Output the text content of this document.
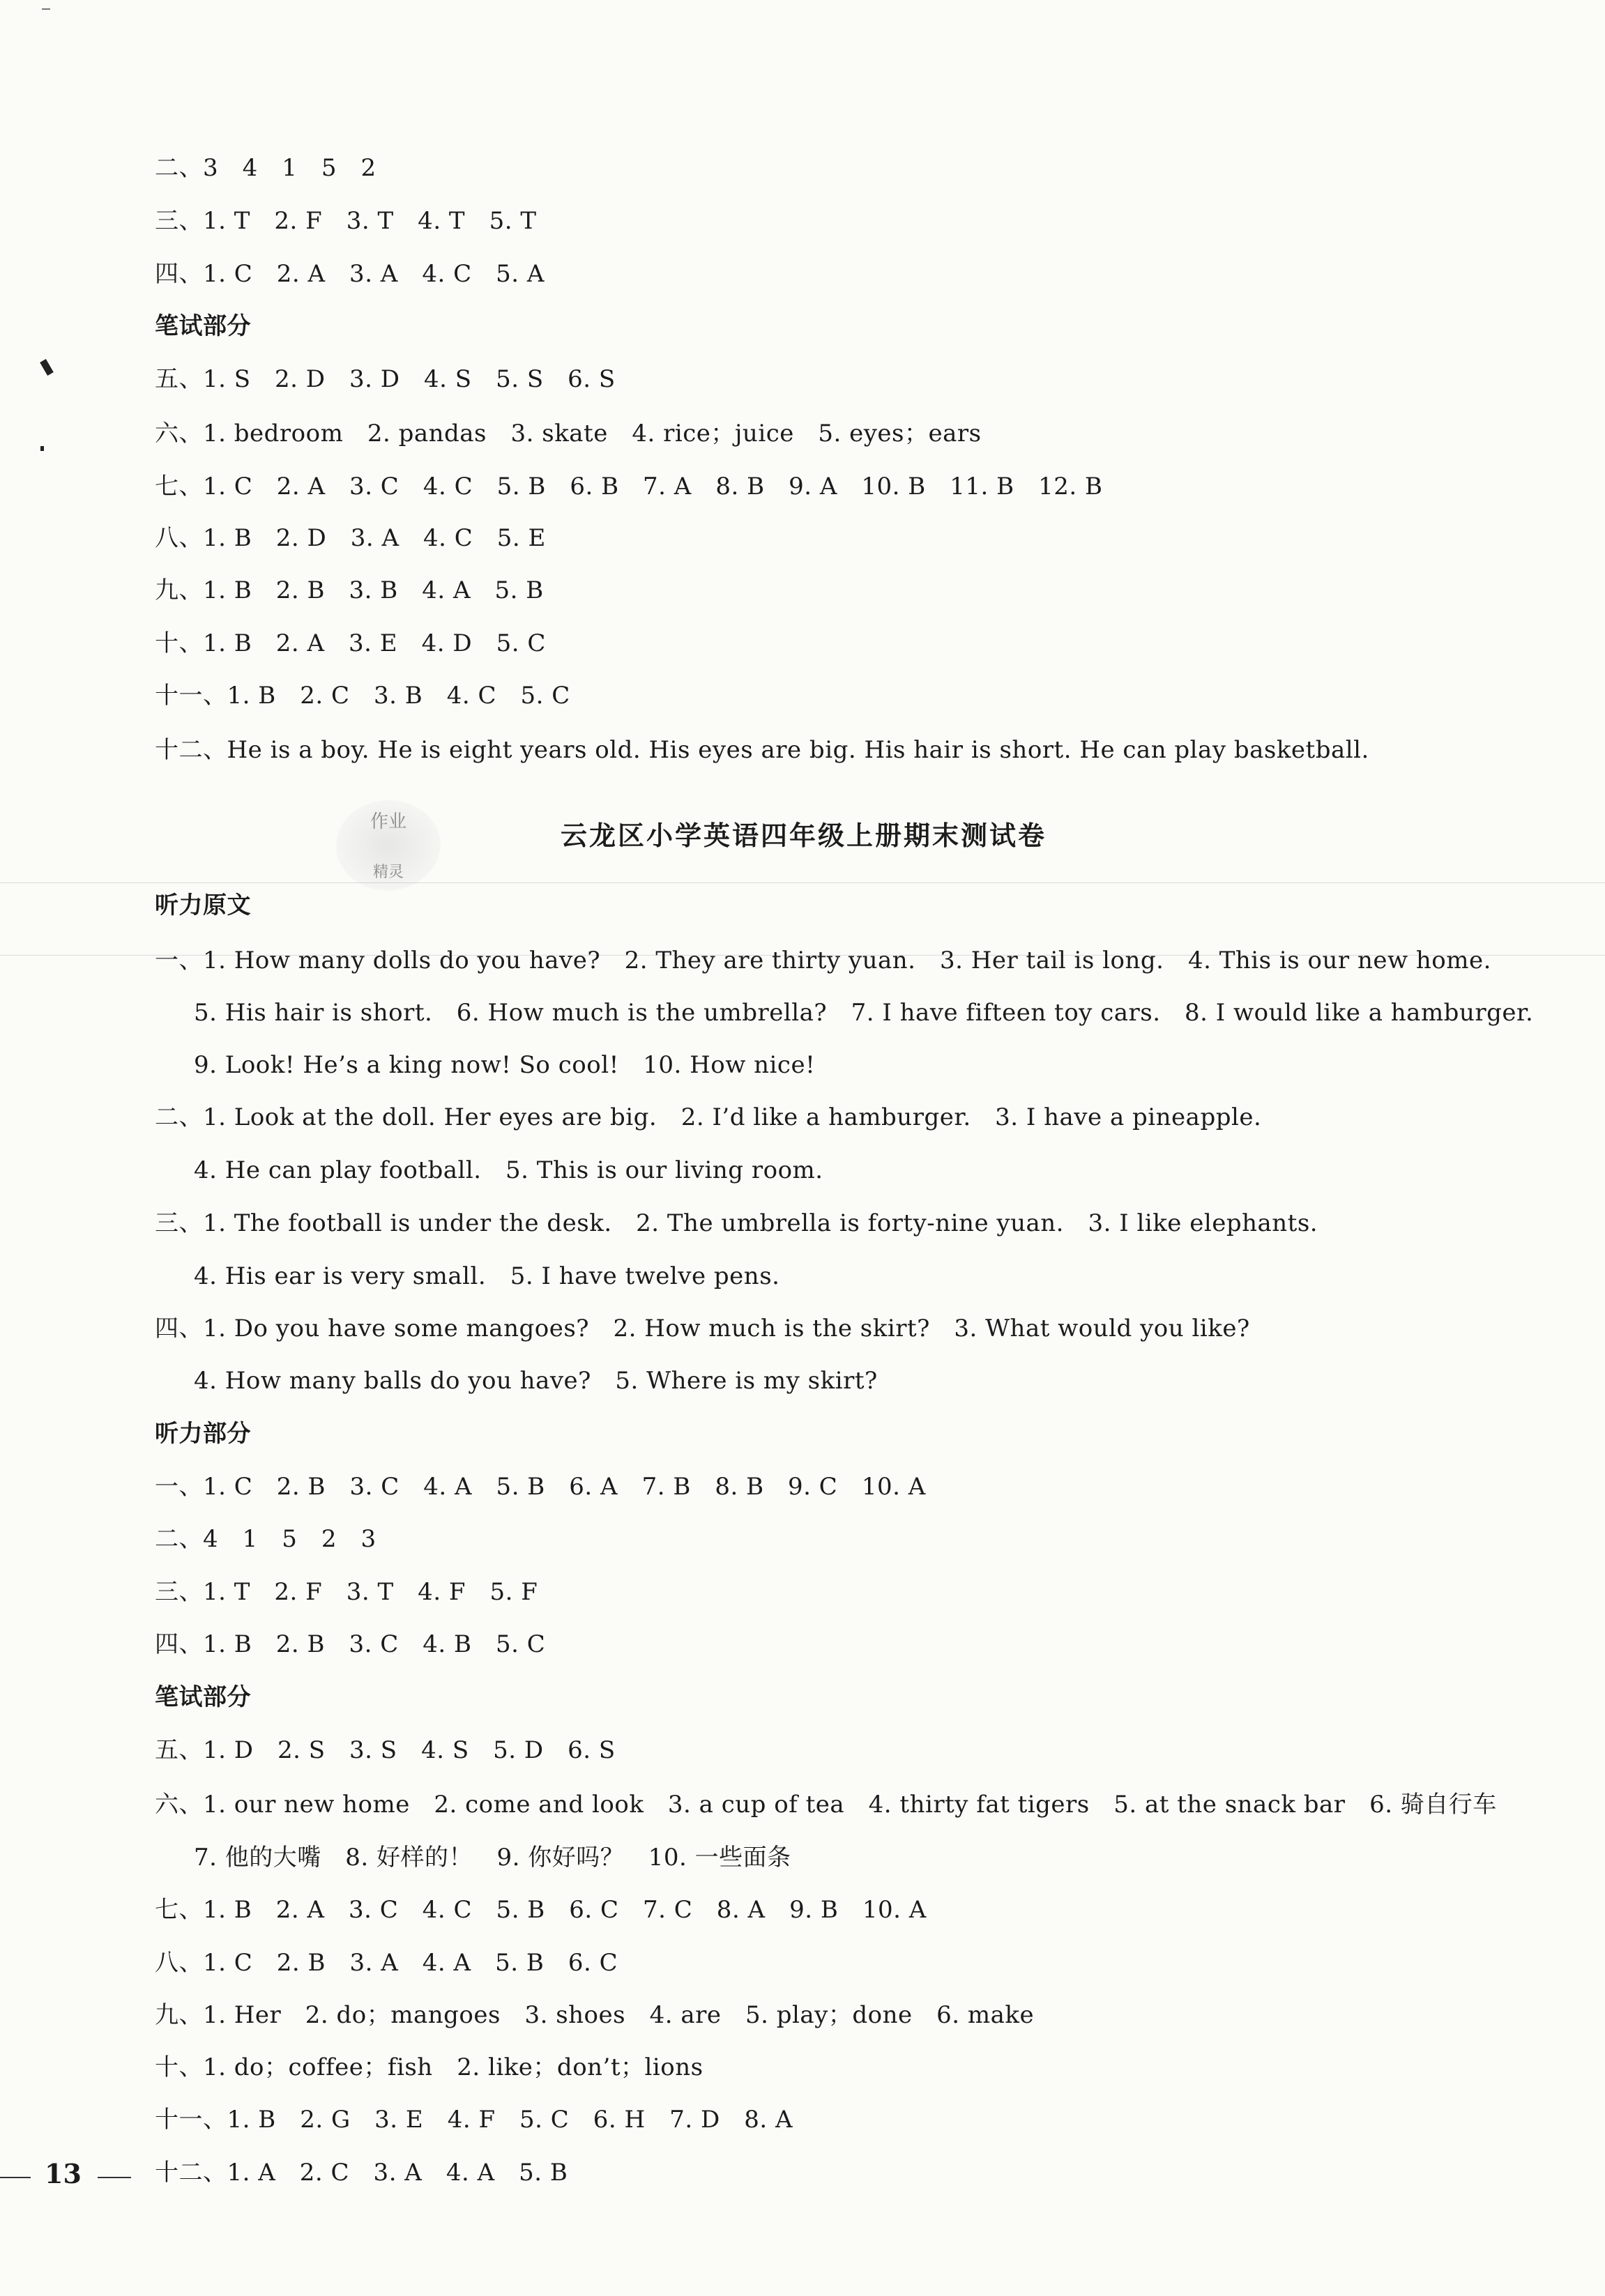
二、3　4　1　5　2
三、1. T　2. F　3. T　4. T　5. T
四、1. C　2. A　3. A　4. C　5. A
笔试部分
五、1. S　2. D　3. D　4. S　5. S　6. S
六、1. bedroom　2. pandas　3. skate　4. rice；juice　5. eyes；ears
七、1. C　2. A　3. C　4. C　5. B　6. B　7. A　8. B　9. A　10. B　11. B　12. B
八、1. B　2. D　3. A　4. C　5. E
九、1. B　2. B　3. B　4. A　5. B
十、1. B　2. A　3. E　4. D　5. C
十一、1. B　2. C　3. B　4. C　5. C
十二、He is a boy. He is eight years old. His eyes are big. His hair is short. He can play basketball.
作业
精灵
云龙区小学英语四年级上册期末测试卷
听力原文
一、1. How many dolls do you have?　2. They are thirty yuan.　3. Her tail is long.　4. This is our new home.
5. His hair is short.　6. How much is the umbrella?　7. I have fifteen toy cars.　8. I would like a hamburger.
9. Look! He’s a king now! So cool!　10. How nice!
二、1. Look at the doll. Her eyes are big.　2. I’d like a hamburger.　3. I have a pineapple.
4. He can play football.　5. This is our living room.
三、1. The football is under the desk.　2. The umbrella is forty-nine yuan.　3. I like elephants.
4. His ear is very small.　5. I have twelve pens.
四、1. Do you have some mangoes?　2. How much is the skirt?　3. What would you like?
4. How many balls do you have?　5. Where is my skirt?
听力部分
一、1. C　2. B　3. C　4. A　5. B　6. A　7. B　8. B　9. C　10. A
二、4　1　5　2　3
三、1. T　2. F　3. T　4. F　5. F
四、1. B　2. B　3. C　4. B　5. C
笔试部分
五、1. D　2. S　3. S　4. S　5. D　6. S
六、1. our new home　2. come and look　3. a cup of tea　4. thirty fat tigers　5. at the snack bar　6. 骑自行车
7. 他的大嘴　8. 好样的！　9. 你好吗？　10. 一些面条
七、1. B　2. A　3. C　4. C　5. B　6. C　7. C　8. A　9. B　10. A
八、1. C　2. B　3. A　4. A　5. B　6. C
九、1. Her　2. do；mangoes　3. shoes　4. are　5. play；done　6. make
十、1. do；coffee；fish　2. like；don’t；lions
十一、1. B　2. G　3. E　4. F　5. C　6. H　7. D　8. A
十二、1. A　2. C　3. A　4. A　5. B
13
